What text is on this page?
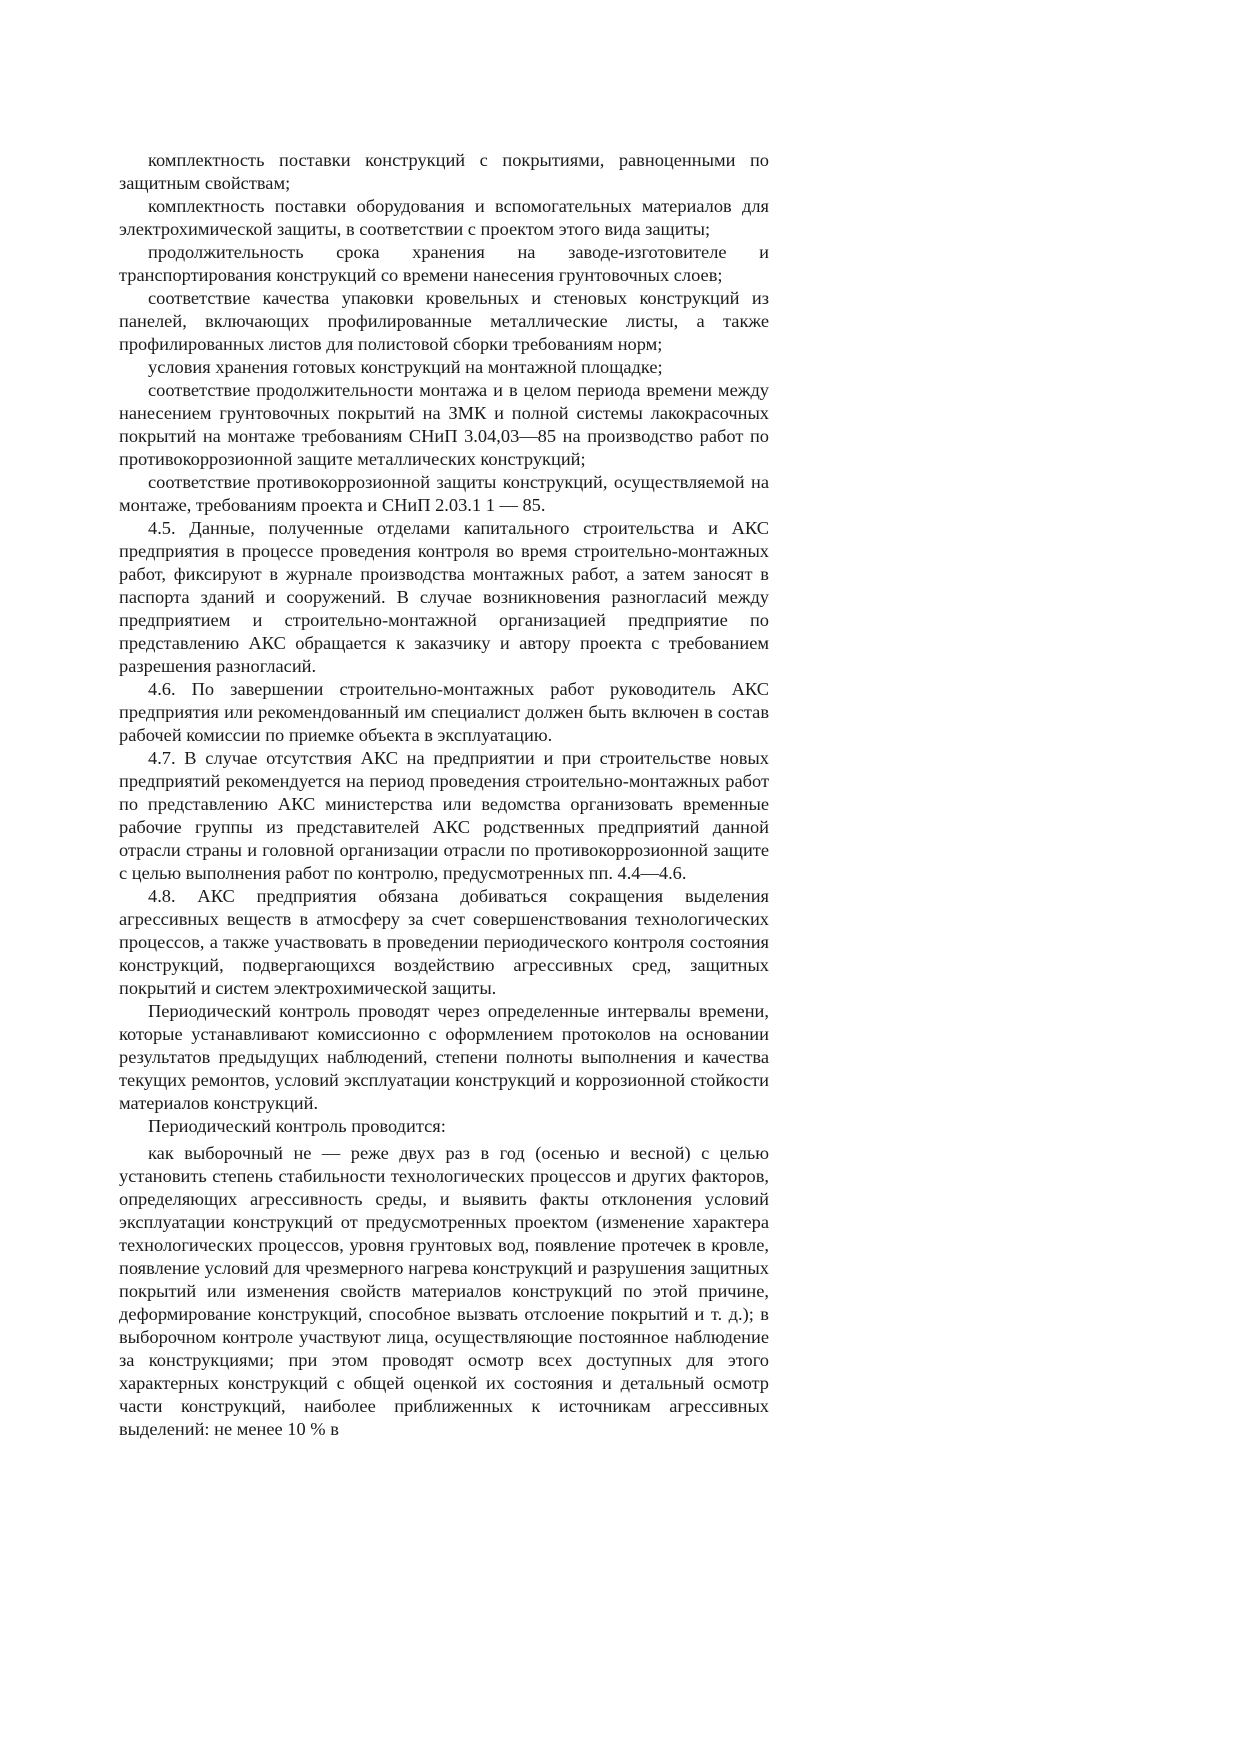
комплектность поставки конструкций с покрытиями, равноценными по защитным свойствам;

комплектность поставки оборудования и вспомогательных материалов для электрохимической защиты, в соответствии с проектом этого вида защиты;

продолжительность срока хранения на заводе-изготовителе и транспортирования конструкций со времени нанесения грунтовочных слоев;

соответствие качества упаковки кровельных и стеновых конструкций из панелей, включающих профилированные металлические листы, а также профилированных листов для полистовой сборки требованиям норм;

условия хранения готовых конструкций на монтажной площадке;

соответствие продолжительности монтажа и в целом периода времени между нанесением грунтовочных покрытий на ЗМК и полной системы лакокрасочных покрытий на монтаже требованиям СНиП 3.04,03—85 на производство работ по противокоррозионной защите металлических конструкций;

соответствие противокоррозионной защиты конструкций, осуществляемой на монтаже, требованиям проекта и СНиП 2.03.1 1 — 85.

4.5. Данные, полученные отделами капитального строительства и АКС предприятия в процессе проведения контроля во время строительно-монтажных работ, фиксируют в журнале производства монтажных работ, а затем заносят в паспорта зданий и сооружений. В случае возникновения разногласий между предприятием и строительно-монтажной организацией предприятие по представлению АКС обращается к заказчику и автору проекта с требованием разрешения разногласий.

4.6. По завершении строительно-монтажных работ руководитель АКС предприятия или рекомендованный им специалист должен быть включен в состав рабочей комиссии по приемке объекта в эксплуатацию.

4.7. В случае отсутствия АКС на предприятии и при строительстве новых предприятий рекомендуется на период проведения строительно-монтажных работ по представлению АКС министерства или ведомства организовать временные рабочие группы из представителей АКС родственных предприятий данной отрасли страны и головной организации отрасли по противокоррозионной защите с целью выполнения работ по контролю, предусмотренных пп. 4.4—4.6.

4.8. АКС предприятия обязана добиваться сокращения выделения агрессивных веществ в атмосферу за счет совершенствования технологических процессов, а также участвовать в проведении периодического контроля состояния конструкций, подвергающихся воздействию агрессивных сред, защитных покрытий и систем электрохимической защиты.

Периодический контроль проводят через определенные интервалы времени, которые устанавливают комиссионно с оформлением протоколов на основании результатов предыдущих наблюдений, степени полноты выполнения и качества текущих ремонтов, условий эксплуатации конструкций и коррозионной стойкости материалов конструкций.

Периодический контроль проводится:

как выборочный не — реже двух раз в год (осенью и весной) с целью установить степень стабильности технологических процессов и других факторов, определяющих агрессивность среды, и выявить факты отклонения условий эксплуатации конструкций от предусмотренных проектом (изменение характера технологических процессов, уровня грунтовых вод, появление протечек в кровле, появление условий для чрезмерного нагрева конструкций и разрушения защитных покрытий или изменения свойств материалов конструкций по этой причине, деформирование конструкций, способное вызвать отслоение покрытий и т. д.); в выборочном контроле участвуют лица, осуществляющие постоянное наблюдение за конструкциями; при этом проводят осмотр всех доступных для этого характерных конструкций с общей оценкой их состояния и детальный осмотр части конструкций, наиболее приближенных к источникам агрессивных выделений: не менее 10 % в
